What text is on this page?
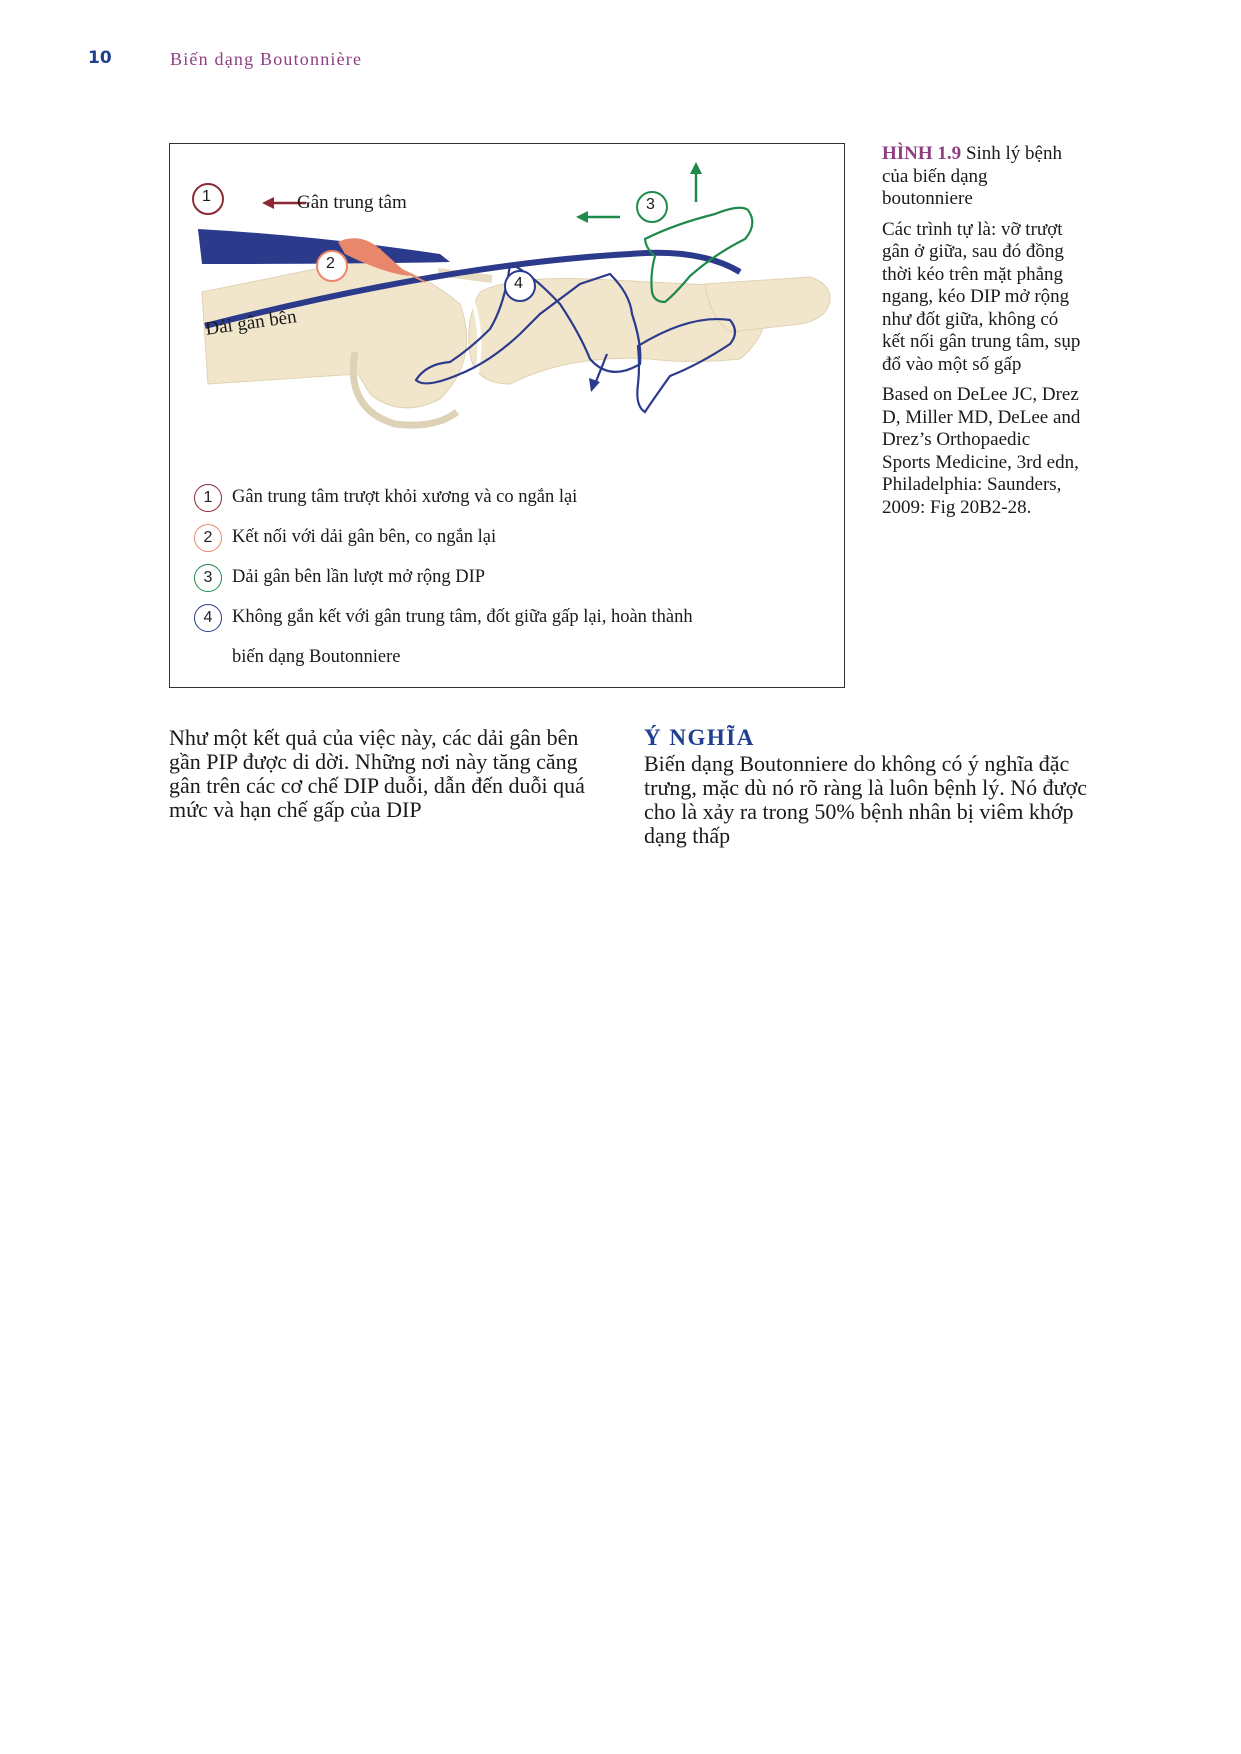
10	Biến dạng Boutonnière
1
2
3
4
Gân trung tâm
Dải gân bên
1	Gân trung tâm trượt khỏi xương và co ngắn lại
2	Kết nối với dải gân bên, co ngắn lại
3	Dải gân bên lần lượt mở rộng DIP
4	Không gắn kết với gân trung tâm, đốt giữa gấp lại, hoàn thành
biến dạng Boutonniere

HÌNH 1.9 Sinh lý bệnh của biến dạng boutonniere

Các trình tự là: vỡ trượt gân ở giữa, sau đó đồng thời kéo trên mặt phẳng ngang, kéo DIP mở rộng như đốt giữa, không có kết nối gân trung tâm, sụp đổ vào một số gấp

Based on DeLee JC, Drez D, Miller MD, DeLee and Drez’s Orthopaedic Sports Medicine, 3rd edn, Philadelphia: Saunders, 2009: Fig 20B2-28.

Như một kết quả của việc này, các dải gân bên gần PIP được di dời. Những nơi này tăng căng gân trên các cơ chế DIP duỗi, dẫn đến duỗi quá mức và hạn chế gấp của DIP

Ý NGHĨA

Biến dạng Boutonniere do không có ý nghĩa đặc trưng, mặc dù nó rõ ràng là luôn bệnh lý. Nó được cho là xảy ra trong 50% bệnh nhân bị viêm khớp dạng thấp
